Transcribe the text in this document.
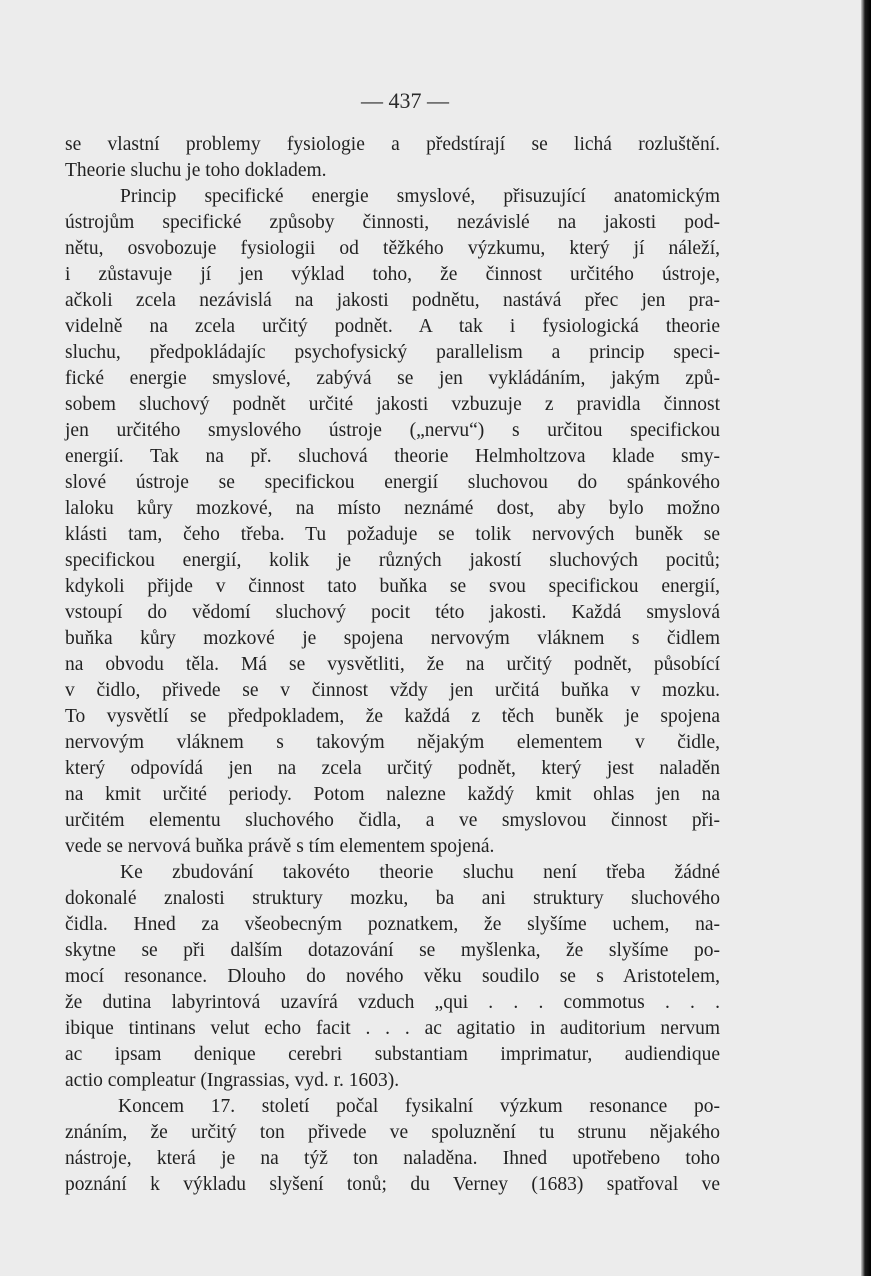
— 437 —
se vlastní problemy fysiologie a předstírají se lichá rozluštění.
Theorie sluchu je toho dokladem.
Princip specifické energie smyslové, přisuzující anatomickým
ústrojům specifické způsoby činnosti, nezávislé na jakosti pod-
nětu, osvobozuje fysiologii od těžkého výzkumu, který jí náleží,
i zůstavuje jí jen výklad toho, že činnost určitého ústroje,
ačkoli zcela nezávislá na jakosti podnětu, nastává přec jen pra-
videlně na zcela určitý podnět. A tak i fysiologická theorie
sluchu, předpokládajíc psychofysický parallelism a princip speci-
fické energie smyslové, zabývá se jen vykládáním, jakým způ-
sobem sluchový podnět určité jakosti vzbuzuje z pravidla činnost
jen určitého smyslového ústroje („nervu“) s určitou specifickou
energií. Tak na př. sluchová theorie Helmholtzova klade smy-
slové ústroje se specifickou energií sluchovou do spánkového
laloku kůry mozkové, na místo neznámé dost, aby bylo možno
klásti tam, čeho třeba. Tu požaduje se tolik nervových buněk se
specifickou energií, kolik je různých jakostí sluchových pocitů;
kdykoli přijde v činnost tato buňka se svou specifickou energií,
vstoupí do vědomí sluchový pocit této jakosti. Každá smyslová
buňka kůry mozkové je spojena nervovým vláknem s čidlem
na obvodu těla. Má se vysvětliti, že na určitý podnět, působící
v čidlo, přivede se v činnost vždy jen určitá buňka v mozku.
To vysvětlí se předpokladem, že každá z těch buněk je spojena
nervovým vláknem s takovým nějakým elementem v čidle,
který odpovídá jen na zcela určitý podnět, který jest naladěn
na kmit určité periody. Potom nalezne každý kmit ohlas jen na
určitém elementu sluchového čidla, a ve smyslovou činnost při-
vede se nervová buňka právě s tím elementem spojená.
Ke zbudování takovéto theorie sluchu není třeba žádné
dokonalé znalosti struktury mozku, ba ani struktury sluchového
čidla. Hned za všeobecným poznatkem, že slyšíme uchem, na-
skytne se při dalším dotazování se myšlenka, že slyšíme po-
mocí resonance. Dlouho do nového věku soudilo se s Aristotelem,
že dutina labyrintová uzavírá vzduch „qui . . . commotus . . .
ibique tintinans velut echo facit . . . ac agitatio in auditorium nervum
ac ipsam denique cerebri substantiam imprimatur, audiendique
actio compleatur (Ingrassias, vyd. r. 1603).
Koncem 17. století počal fysikalní výzkum resonance po-
znáním, že určitý ton přivede ve spoluznění tu strunu nějakého
nástroje, která je na týž ton naladěna. Ihned upotřebeno toho
poznání k výkladu slyšení tonů; du Verney (1683) spatřoval ve
